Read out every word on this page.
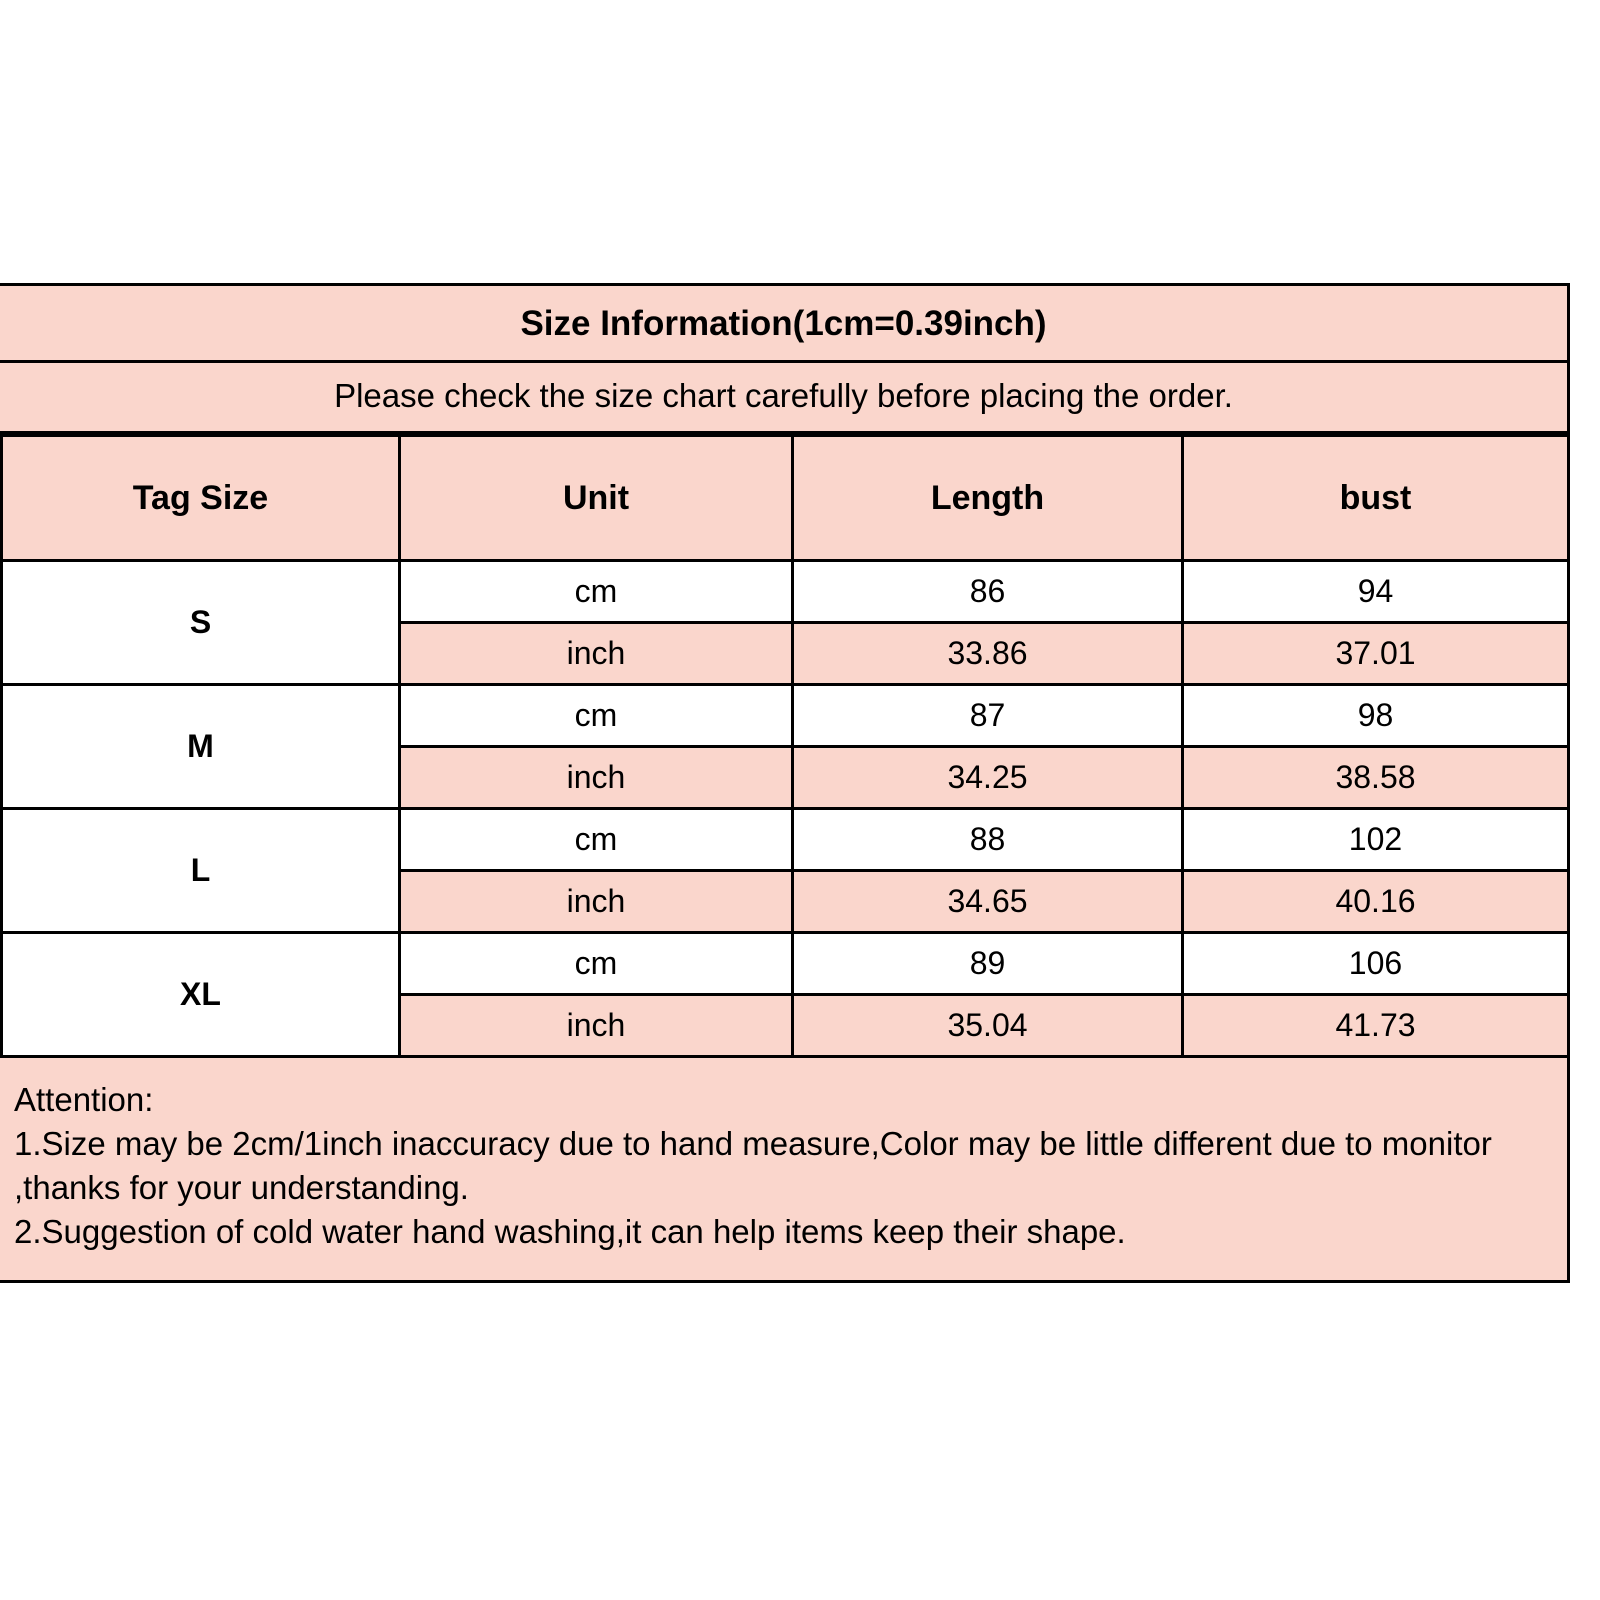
Size Information(1cm=0.39inch)
Please check the size chart carefully before placing the order.
Tag Size	Unit	Length	bust
S	cm	86	94
	inch	33.86	37.01
M	cm	87	98
	inch	34.25	38.58
L	cm	88	102
	inch	34.65	40.16
XL	cm	89	106
	inch	35.04	41.73
Attention:
1.Size may be 2cm/1inch inaccuracy due to hand measure,Color may be little different due to monitor ,thanks for your understanding.
2.Suggestion of cold water hand washing,it can help items keep their shape.
